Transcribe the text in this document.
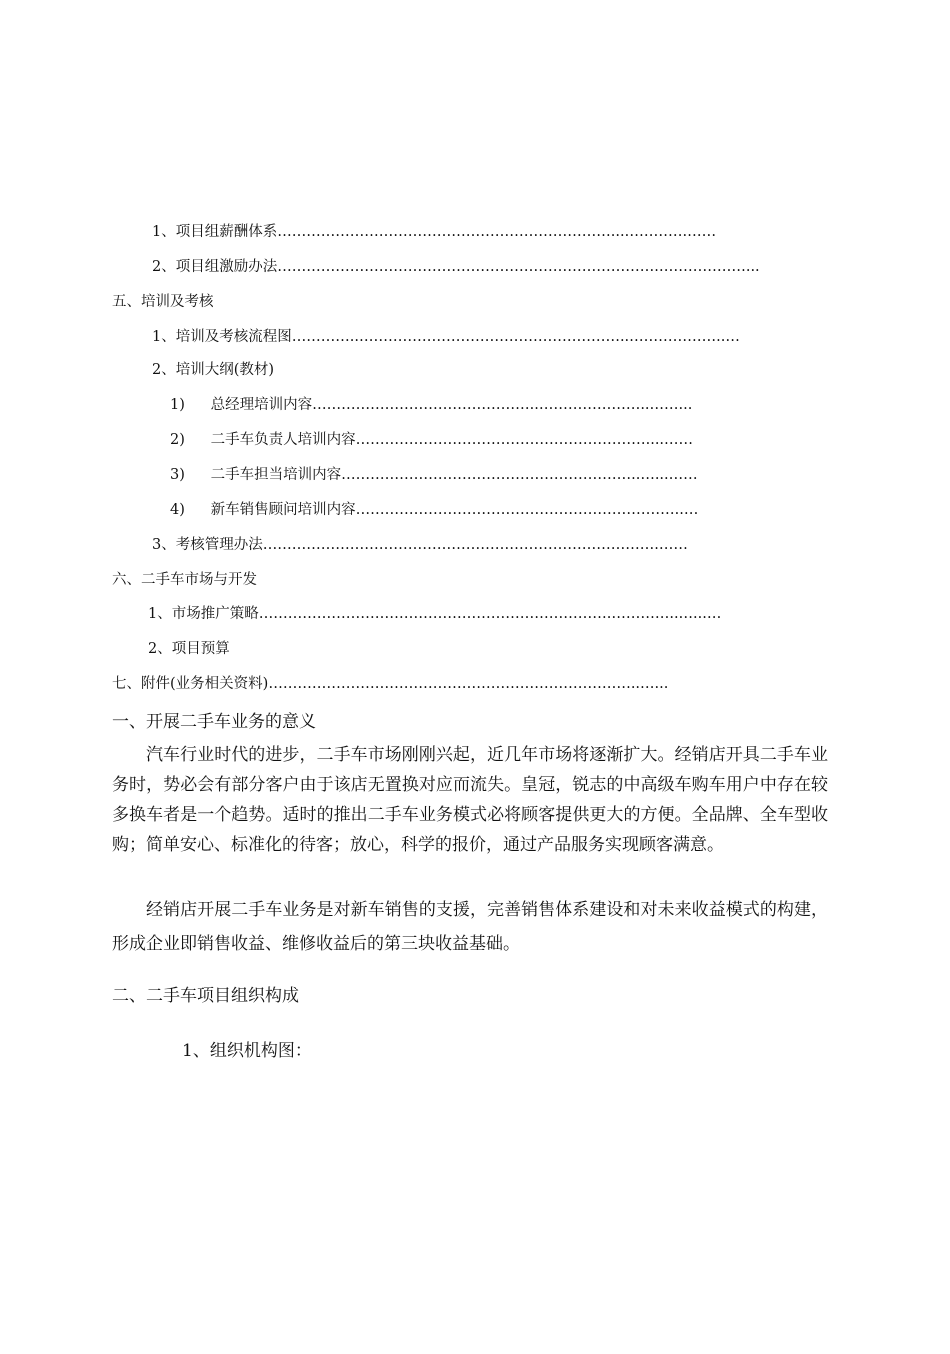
1、项目组薪酬体系……………………………………………………………...………….……
2、项目组激励办法…………………………………………………………………….………………...
五、培训及考核
1、培训及考核流程图…………..………………………………………………..………………..…
2、培训大纲(教材)
1) 总经理培训内容………………………………………..…………………..……...
2) 二手车负责人培训内容……………………………………………………....……
3) 二手车担当培训内容……………………………………………………..…...……
4) 新车销售顾问培训内容…………………………………………………………..…
3、考核管理办法……………………………………………………………………….……
六、二手车市场与开发
1、市场推广策略……………………………………………………………….…………..…...…
2、项目预算
七、附件(业务相关资料)…………………………………………………………………..…...
一、开展二手车业务的意义

汽车行业时代的进步，二手车市场刚刚兴起，近几年市场将逐渐扩大。经销店开具二手车业务时，势必会有部分客户由于该店无置换对应而流失。皇冠，锐志的中高级车购车用户中存在较多换车者是一个趋势。适时的推出二手车业务模式必将顾客提供更大的方便。全品牌、全车型收购；简单安心、标准化的待客；放心，科学的报价，通过产品服务实现顾客满意。

经销店开展二手车业务是对新车销售的支援，完善销售体系建设和对未来收益模式的构建，形成企业即销售收益、维修收益后的第三块收益基础。

二、二手车项目组织构成
1、组织机构图：
